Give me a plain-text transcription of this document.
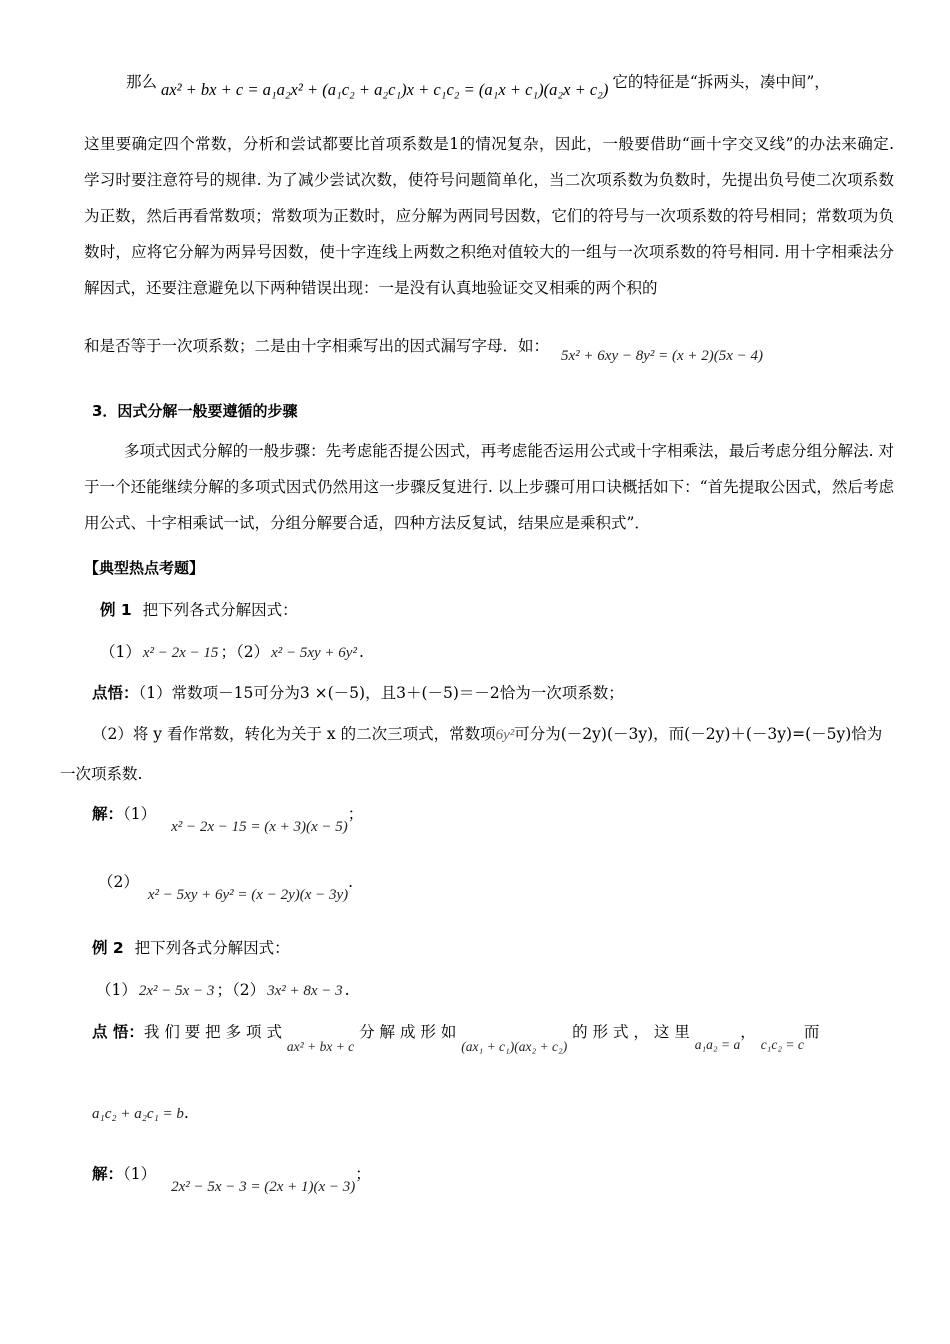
那么 ax² + bx + c = a₁a₂x² + (a₁c₂ + a₂c₁)x + c₁c₂ = (a₁x + c₁)(a₂x + c₂) 它的特征是“拆两头，凑中间”，
这里要确定四个常数，分析和尝试都要比首项系数是1的情况复杂，因此，一般要借助“画十字交叉线”的办法来确定. 学习时要注意符号的规律. 为了减少尝试次数，使符号问题简单化，当二次项系数为负数时，先提出负号使二次项系数为正数，然后再看常数项；常数项为正数时，应分解为两同号因数，它们的符号与一次项系数的符号相同；常数项为负数时，应将它分解为两异号因数，使十字连线上两数之积绝对值较大的一组与一次项系数的符号相同. 用十字相乘法分解因式，还要注意避免以下两种错误出现：一是没有认真地验证交叉相乘的两个积的
和是否等于一次项系数；二是由十字相乘写出的因式漏写字母．如：5x² + 6xy − 8y² = (x + 2)(5x − 4)
3．因式分解一般要遵循的步骤
多项式因式分解的一般步骤：先考虑能否提公因式，再考虑能否运用公式或十字相乘法，最后考虑分组分解法. 对于一个还能继续分解的多项式因式仍然用这一步骤反复进行. 以上步骤可用口诀概括如下：“首先提取公因式，然后考虑用公式、十字相乘试一试，分组分解要合适，四种方法反复试，结果应是乘积式”．
【典型热点考题】
例 1 把下列各式分解因式：
（1） x² − 2x − 15 ；（2） x² − 5xy + 6y² .
点悟：（1）常数项－15可分为3 ×(－5)，且3＋(－5)＝－2恰为一次项系数；
（2）将 y 看作常数，转化为关于 x 的二次三项式，常数项6y²可分为(－2y)(－3y)，而(－2y)＋(－3y)=(－5y)恰为
一次项系数.
解：（1） x² − 2x − 15 = (x + 3)(x − 5)；
（2） x² − 5xy + 6y² = (x − 2y)(x − 3y).
例 2 把下列各式分解因式：
（1） 2x² − 5x − 3 ；（2） 3x² + 8x − 3 .
点 悟：我 们 要 把 多 项 式 ax² + bx + c 分 解 成 形 如 (ax₁ + c₁)(ax₂ + c₂) 的 形 式 ， 这 里 a₁a₂ = a， c₁c₂ = c而
a₁c₂ + a₂c₁ = b.
解：（1） 2x² − 5x − 3 = (2x + 1)(x − 3)；
